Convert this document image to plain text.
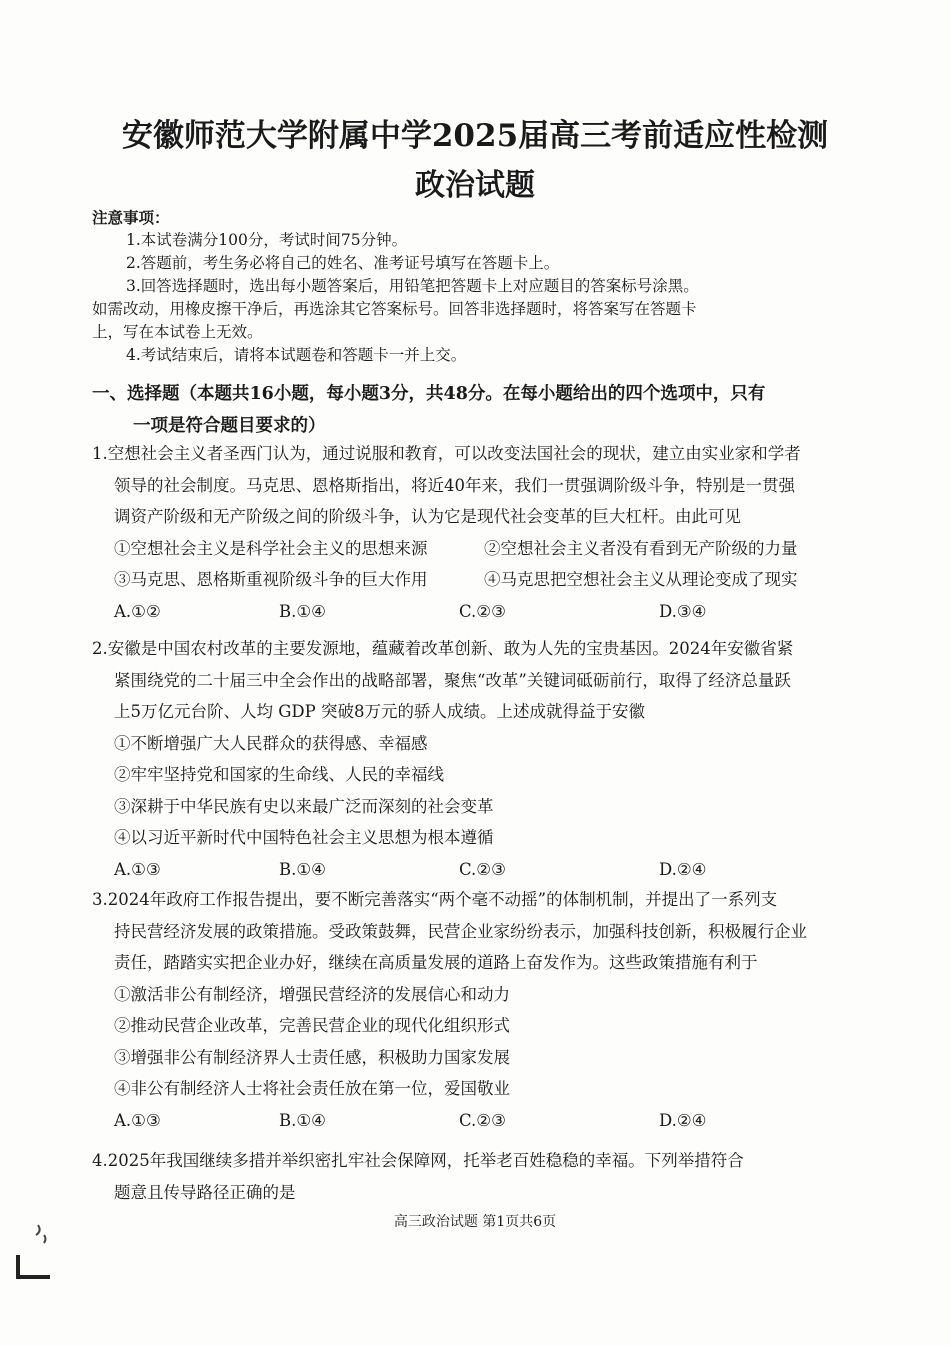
安徽师范大学附属中学2025届高三考前适应性检测
政治试题
注意事项：
1.本试卷满分100分，考试时间75分钟。
2.答题前，考生务必将自己的姓名、准考证号填写在答题卡上。
3.回答选择题时，选出每小题答案后，用铅笔把答题卡上对应题目的答案标号涂黑。
如需改动，用橡皮擦干净后，再选涂其它答案标号。回答非选择题时，将答案写在答题卡
上，写在本试卷上无效。
4.考试结束后，请将本试题卷和答题卡一并上交。
一、选择题（本题共16小题，每小题3分，共48分。在每小题给出的四个选项中，只有
一项是符合题目要求的）
1.空想社会主义者圣西门认为，通过说服和教育，可以改变法国社会的现状，建立由实业家和学者
领导的社会制度。马克思、恩格斯指出，将近40年来，我们一贯强调阶级斗争，特别是一贯强
调资产阶级和无产阶级之间的阶级斗争，认为它是现代社会变革的巨大杠杆。由此可见
①空想社会主义是科学社会主义的思想来源	②空想社会主义者没有看到无产阶级的力量
③马克思、恩格斯重视阶级斗争的巨大作用	④马克思把空想社会主义从理论变成了现实
A.①②	B.①④	C.②③	D.③④
2.安徽是中国农村改革的主要发源地，蕴藏着改革创新、敢为人先的宝贵基因。2024年安徽省紧
紧围绕党的二十届三中全会作出的战略部署，聚焦“改革”关键词砥砺前行，取得了经济总量跃
上5万亿元台阶、人均 GDP 突破8万元的骄人成绩。上述成就得益于安徽
①不断增强广大人民群众的获得感、幸福感
②牢牢坚持党和国家的生命线、人民的幸福线
③深耕于中华民族有史以来最广泛而深刻的社会变革
④以习近平新时代中国特色社会主义思想为根本遵循
A.①③	B.①④	C.②③	D.②④
3.2024年政府工作报告提出，要不断完善落实“两个毫不动摇”的体制机制，并提出了一系列支
持民营经济发展的政策措施。受政策鼓舞，民营企业家纷纷表示，加强科技创新，积极履行企业
责任，踏踏实实把企业办好，继续在高质量发展的道路上奋发作为。这些政策措施有利于
①激活非公有制经济，增强民营经济的发展信心和动力
②推动民营企业改革，完善民营企业的现代化组织形式
③增强非公有制经济界人士责任感，积极助力国家发展
④非公有制经济人士将社会责任放在第一位，爱国敬业
A.①③	B.①④	C.②③	D.②④
4.2025年我国继续多措并举织密扎牢社会保障网，托举老百姓稳稳的幸福。下列举措符合
题意且传导路径正确的是
高三政治试题 第1页共6页
